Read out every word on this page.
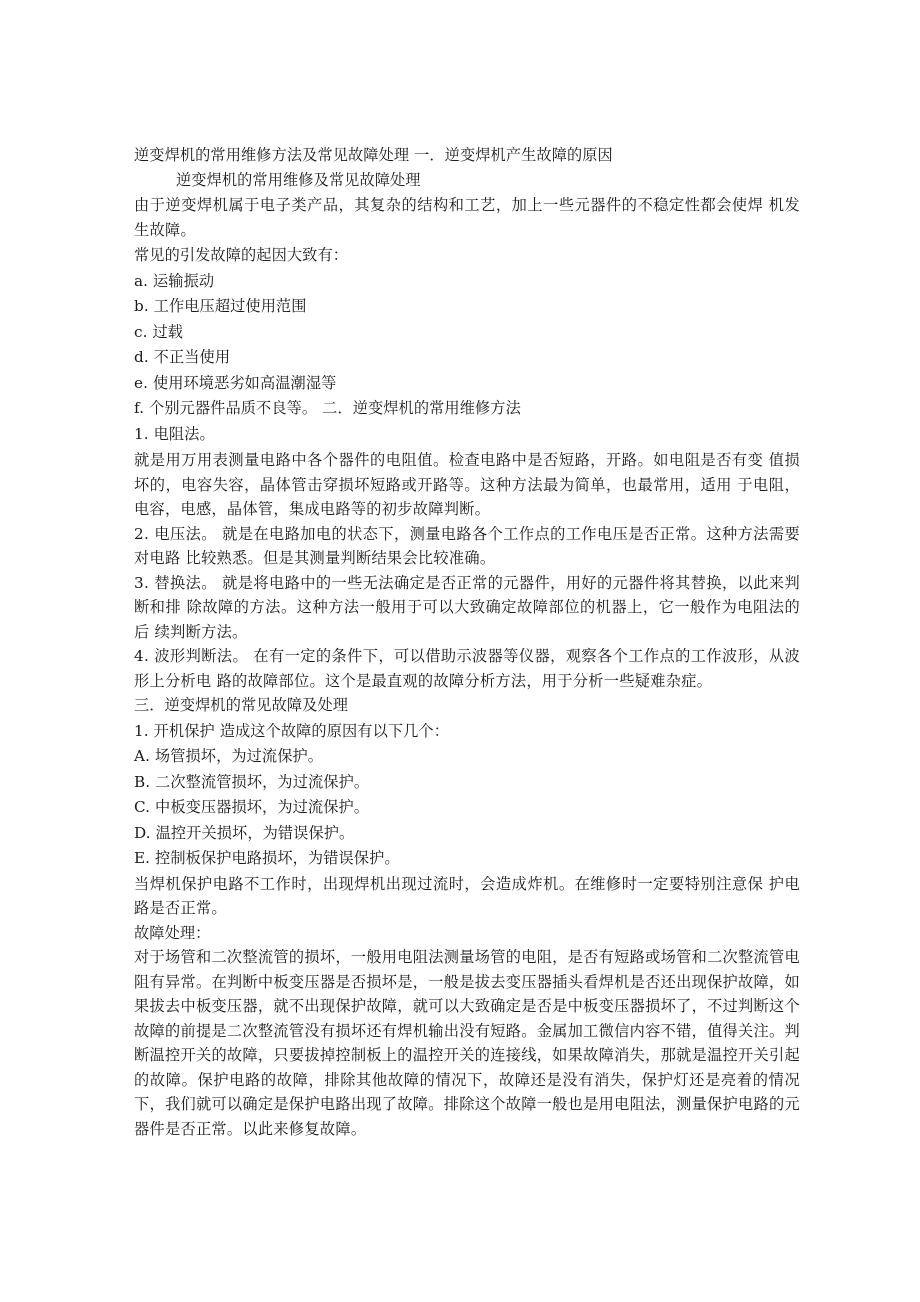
逆变焊机的常用维修方法及常见故障处理 一．逆变焊机产生故障的原因
逆变焊机的常用维修及常见故障处理

由于逆变焊机属于电子类产品，其复杂的结构和工艺，加上一些元器件的不稳定性都会使焊 机发生故障。

常见的引发故障的起因大致有：
a. 运输振动
b. 工作电压超过使用范围
c. 过载
d. 不正当使用
e. 使用环境恶劣如高温潮湿等
f. 个别元器件品质不良等。 二．逆变焊机的常用维修方法
1. 电阻法。

就是用万用表测量电路中各个器件的电阻值。检查电路中是否短路，开路。如电阻是否有变 值损坏的，电容失容，晶体管击穿损坏短路或开路等。这种方法最为简单，也最常用，适用 于电阻，电容，电感，晶体管，集成电路等的初步故障判断。

2. 电压法。 就是在电路加电的状态下，测量电路各个工作点的工作电压是否正常。这种方法需要对电路 比较熟悉。但是其测量判断结果会比较准确。

3. 替换法。 就是将电路中的一些无法确定是否正常的元器件，用好的元器件将其替换，以此来判断和排 除故障的方法。这种方法一般用于可以大致确定故障部位的机器上，它一般作为电阻法的后 续判断方法。

4. 波形判断法。 在有一定的条件下，可以借助示波器等仪器，观察各个工作点的工作波形，从波形上分析电 路的故障部位。这个是最直观的故障分析方法，用于分析一些疑难杂症。

三．逆变焊机的常见故障及处理
1. 开机保护 造成这个故障的原因有以下几个：
A. 场管损坏，为过流保护。
B. 二次整流管损坏，为过流保护。
C. 中板变压器损坏，为过流保护。
D. 温控开关损坏，为错误保护。
E. 控制板保护电路损坏，为错误保护。

当焊机保护电路不工作时，出现焊机出现过流时，会造成炸机。在维修时一定要特别注意保 护电路是否正常。

故障处理：

对于场管和二次整流管的损坏，一般用电阻法测量场管的电阻，是否有短路或场管和二次整流管电阻有异常。在判断中板变压器是否损坏是，一般是拔去变压器插头看焊机是否还出现保护故障，如果拔去中板变压器，就不出现保护故障，就可以大致确定是否是中板变压器损坏了，不过判断这个故障的前提是二次整流管没有损坏还有焊机输出没有短路。金属加工微信内容不错，值得关注。判断温控开关的故障，只要拔掉控制板上的温控开关的连接线，如果故障消失，那就是温控开关引起的故障。保护电路的故障，排除其他故障的情况下，故障还是没有消失，保护灯还是亮着的情况下，我们就可以确定是保护电路出现了故障。排除这个故障一般也是用电阻法，测量保护电路的元器件是否正常。以此来修复故障。
